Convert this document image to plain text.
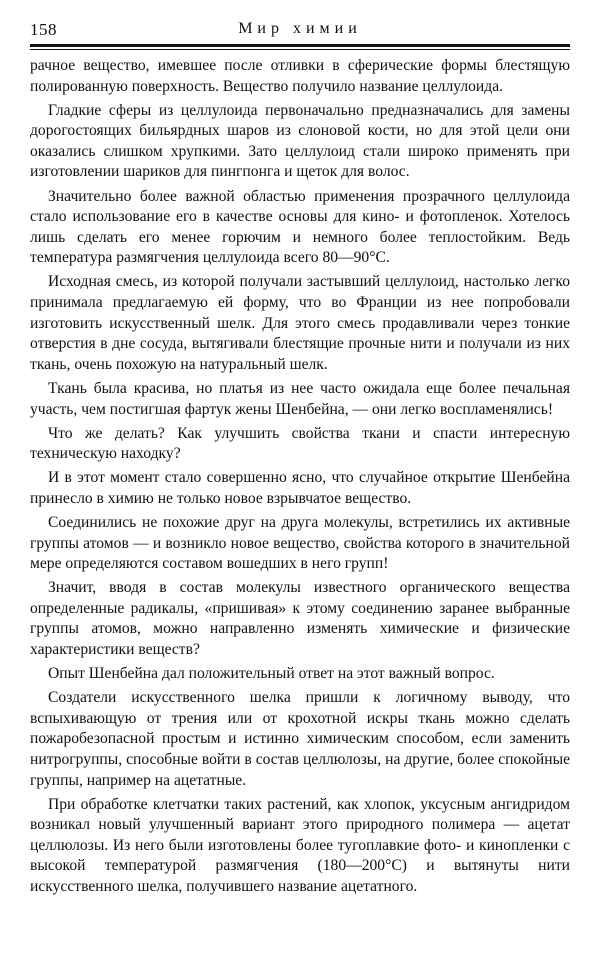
158	Мир химии

рачное вещество, имевшее после отливки в сферические формы блестящую полированную поверхность. Вещество получило название целлулоида.

Гладкие сферы из целлулоида первоначально предназначались для замены дорогостоящих бильярдных шаров из слоновой кости, но для этой цели они оказались слишком хрупкими. Зато целлулоид стали широко применять при изготовлении шариков для пингпонга и щеток для волос.

Значительно более важной областью применения прозрачного целлулоида стало использование его в качестве основы для кино- и фотопленок. Хотелось лишь сделать его менее горючим и немного более теплостойким. Ведь температура размягчения целлулоида всего 80—90°С.

Исходная смесь, из которой получали застывший целлулоид, настолько легко принимала предлагаемую ей форму, что во Франции из нее попробовали изготовить искусственный шелк. Для этого смесь продавливали через тонкие отверстия в дне сосуда, вытягивали блестящие прочные нити и получали из них ткань, очень похожую на натуральный шелк.

Ткань была красива, но платья из нее часто ожидала еще более печальная участь, чем постигшая фартук жены Шенбейна, — они легко воспламенялись!

Что же делать? Как улучшить свойства ткани и спасти интересную техническую находку?

И в этот момент стало совершенно ясно, что случайное открытие Шенбейна принесло в химию не только новое взрывчатое вещество.

Соединились не похожие друг на друга молекулы, встретились их активные группы атомов — и возникло новое вещество, свойства которого в значительной мере определяются составом вошедших в него групп!

Значит, вводя в состав молекулы известного органического вещества определенные радикалы, «пришивая» к этому соединению заранее выбранные группы атомов, можно направленно изменять химические и физические характеристики веществ?

Опыт Шенбейна дал положительный ответ на этот важный вопрос.

Создатели искусственного шелка пришли к логичному выводу, что вспыхивающую от трения или от крохотной искры ткань можно сделать пожаробезопасной простым и истинно химическим способом, если заменить нитрогруппы, способные войти в состав целлюлозы, на другие, более спокойные группы, например на ацетатные.

При обработке клетчатки таких растений, как хлопок, уксусным ангидридом возникал новый улучшенный вариант этого природного полимера — ацетат целлюлозы. Из него были изготовлены более тугоплавкие фото- и кинопленки с высокой температурой размягчения (180—200°С) и вытянуты нити искусственного шелка, получившего название ацетатного.
